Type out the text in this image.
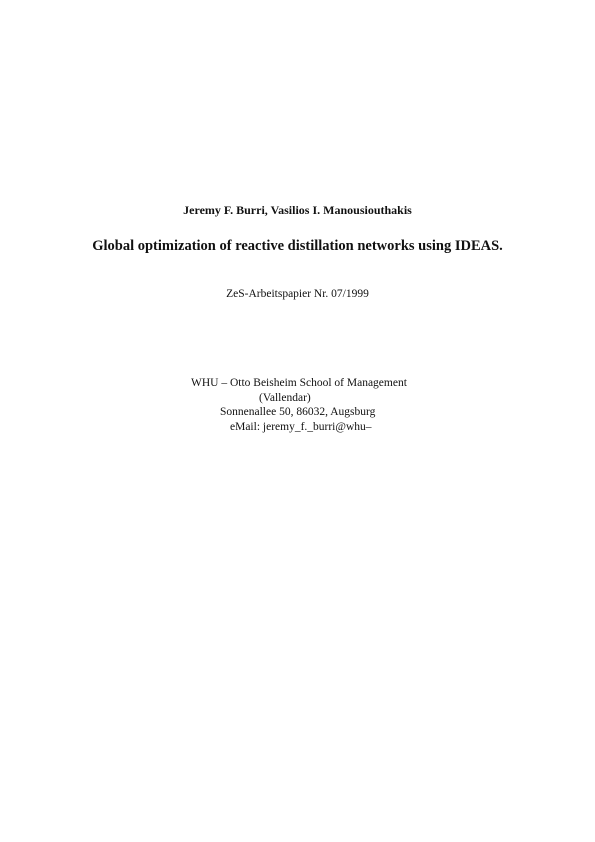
Jeremy F. Burri, Vasilios I. Manousiouthakis
Global optimization of reactive distillation networks using IDEAS.
ZeS-Arbeitspapier Nr. 07/1999
WHU – Otto Beisheim School of Management
(Vallendar)
Sonnenallee 50, 86032, Augsburg
eMail: jeremy_f._burri@whu–
